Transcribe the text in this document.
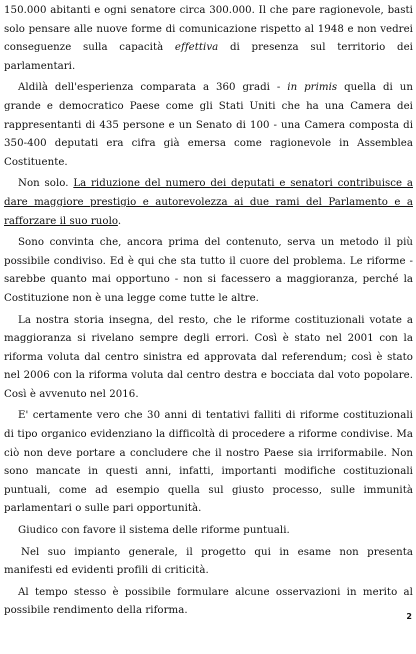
150.000 abitanti e ogni senatore circa 300.000. Il che pare ragionevole, basti solo pensare alle nuove forme di comunicazione rispetto al 1948 e non vedrei conseguenze sulla capacità effettiva di presenza sul territorio dei parlamentari.

Aldilà dell'esperienza comparata a 360 gradi - in primis quella di un grande e democratico Paese come gli Stati Uniti che ha una Camera dei rappresentanti di 435 persone e un Senato di 100 - una Camera composta di 350-400 deputati era cifra già emersa come ragionevole in Assemblea Costituente.

Non solo. La riduzione del numero dei deputati e senatori contribuisce a dare maggiore prestigio e autorevolezza ai due rami del Parlamento e a rafforzare il suo ruolo.

Sono convinta che, ancora prima del contenuto, serva un metodo il più possibile condiviso. Ed è qui che sta tutto il cuore del problema. Le riforme - sarebbe quanto mai opportuno - non si facessero a maggioranza, perché la Costituzione non è una legge come tutte le altre.

La nostra storia insegna, del resto, che le riforme costituzionali votate a maggioranza si rivelano sempre degli errori. Così è stato nel 2001 con la riforma voluta dal centro sinistra ed approvata dal referendum; così è stato nel 2006 con la riforma voluta dal centro destra e bocciata dal voto popolare. Così è avvenuto nel 2016.

E' certamente vero che 30 anni di tentativi falliti di riforme costituzionali di tipo organico evidenziano la difficoltà di procedere a riforme condivise. Ma ciò non deve portare a concludere che il nostro Paese sia irriformabile. Non sono mancate in questi anni, infatti, importanti modifiche costituzionali puntuali, come ad esempio quella sul giusto processo, sulle immunità parlamentari o sulle pari opportunità.

Giudico con favore il sistema delle riforme puntuali.

Nel suo impianto generale, il progetto qui in esame non presenta manifesti ed evidenti profili di criticità.

Al tempo stesso è possibile formulare alcune osservazioni in merito al possibile rendimento della riforma.

2
